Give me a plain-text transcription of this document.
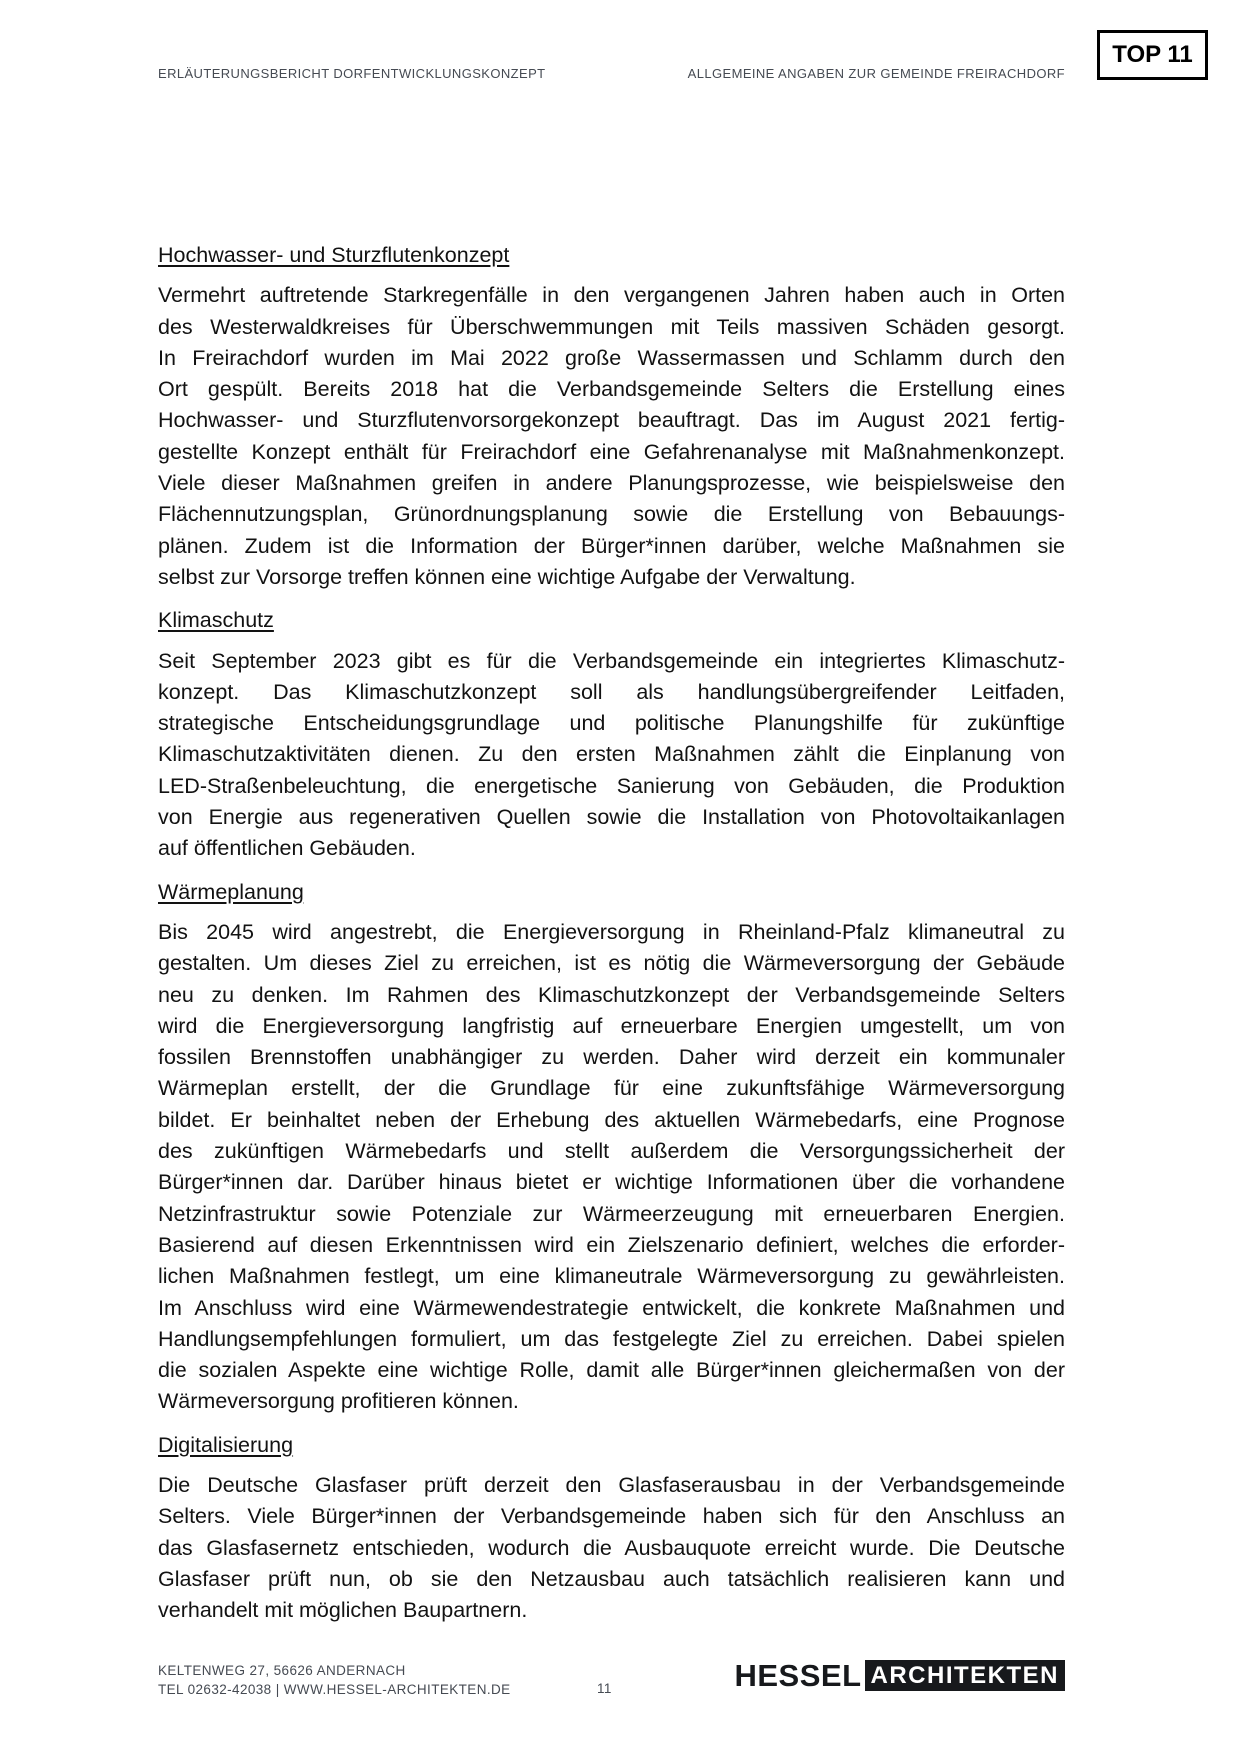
TOP 11
ERLÄUTERUNGSBERICHT DORFENTWICKLUNGSKONZEPT	ALLGEMEINE ANGABEN ZUR GEMEINDE FREIRACHDORF
Hochwasser- und Sturzflutenkonzept
Vermehrt auftretende Starkregenfälle in den vergangenen Jahren haben auch in Orten
des Westerwaldkreises für Überschwemmungen mit Teils massiven Schäden gesorgt.
In Freirachdorf wurden im Mai 2022 große Wassermassen und Schlamm durch den
Ort gespült. Bereits 2018 hat die Verbandsgemeinde Selters die Erstellung eines
Hochwasser- und Sturzflutenvorsorgekonzept beauftragt. Das im August 2021 fertig-
gestellte Konzept enthält für Freirachdorf eine Gefahrenanalyse mit Maßnahmenkonzept.
Viele dieser Maßnahmen greifen in andere Planungsprozesse, wie beispielsweise den
Flächennutzungsplan, Grünordnungsplanung sowie die Erstellung von Bebauungs-
plänen. Zudem ist die Information der Bürger*innen darüber, welche Maßnahmen sie
selbst zur Vorsorge treffen können eine wichtige Aufgabe der Verwaltung.
Klimaschutz
Seit September 2023 gibt es für die Verbandsgemeinde ein integriertes Klimaschutz-
konzept. Das Klimaschutzkonzept soll als handlungsübergreifender Leitfaden,
strategische Entscheidungsgrundlage und politische Planungshilfe für zukünftige
Klimaschutzaktivitäten dienen. Zu den ersten Maßnahmen zählt die Einplanung von
LED-Straßenbeleuchtung, die energetische Sanierung von Gebäuden, die Produktion
von Energie aus regenerativen Quellen sowie die Installation von Photovoltaikanlagen
auf öffentlichen Gebäuden.
Wärmeplanung
Bis 2045 wird angestrebt, die Energieversorgung in Rheinland-Pfalz klimaneutral zu
gestalten. Um dieses Ziel zu erreichen, ist es nötig die Wärmeversorgung der Gebäude
neu zu denken. Im Rahmen des Klimaschutzkonzept der Verbandsgemeinde Selters
wird die Energieversorgung langfristig auf erneuerbare Energien umgestellt, um von
fossilen Brennstoffen unabhängiger zu werden. Daher wird derzeit ein kommunaler
Wärmeplan erstellt, der die Grundlage für eine zukunftsfähige Wärmeversorgung
bildet. Er beinhaltet neben der Erhebung des aktuellen Wärmebedarfs, eine Prognose
des zukünftigen Wärmebedarfs und stellt außerdem die Versorgungssicherheit der
Bürger*innen dar. Darüber hinaus bietet er wichtige Informationen über die vorhandene
Netzinfrastruktur sowie Potenziale zur Wärmeerzeugung mit erneuerbaren Energien.
Basierend auf diesen Erkenntnissen wird ein Zielszenario definiert, welches die erforder-
lichen Maßnahmen festlegt, um eine klimaneutrale Wärmeversorgung zu gewährleisten.
Im Anschluss wird eine Wärmewendestrategie entwickelt, die konkrete Maßnahmen und
Handlungsempfehlungen formuliert, um das festgelegte Ziel zu erreichen. Dabei spielen
die sozialen Aspekte eine wichtige Rolle, damit alle Bürger*innen gleichermaßen von der
Wärmeversorgung profitieren können.
Digitalisierung
Die Deutsche Glasfaser prüft derzeit den Glasfaserausbau in der Verbandsgemeinde
Selters. Viele Bürger*innen der Verbandsgemeinde haben sich für den Anschluss an
das Glasfasernetz entschieden, wodurch die Ausbauquote erreicht wurde. Die Deutsche
Glasfaser prüft nun, ob sie den Netzausbau auch tatsächlich realisieren kann und
verhandelt mit möglichen Baupartnern.
KELTENWEG 27, 56626 ANDERNACH
TEL 02632-42038 | WWW.HESSEL-ARCHITEKTEN.DE	11	HESSEL ARCHITEKTEN
